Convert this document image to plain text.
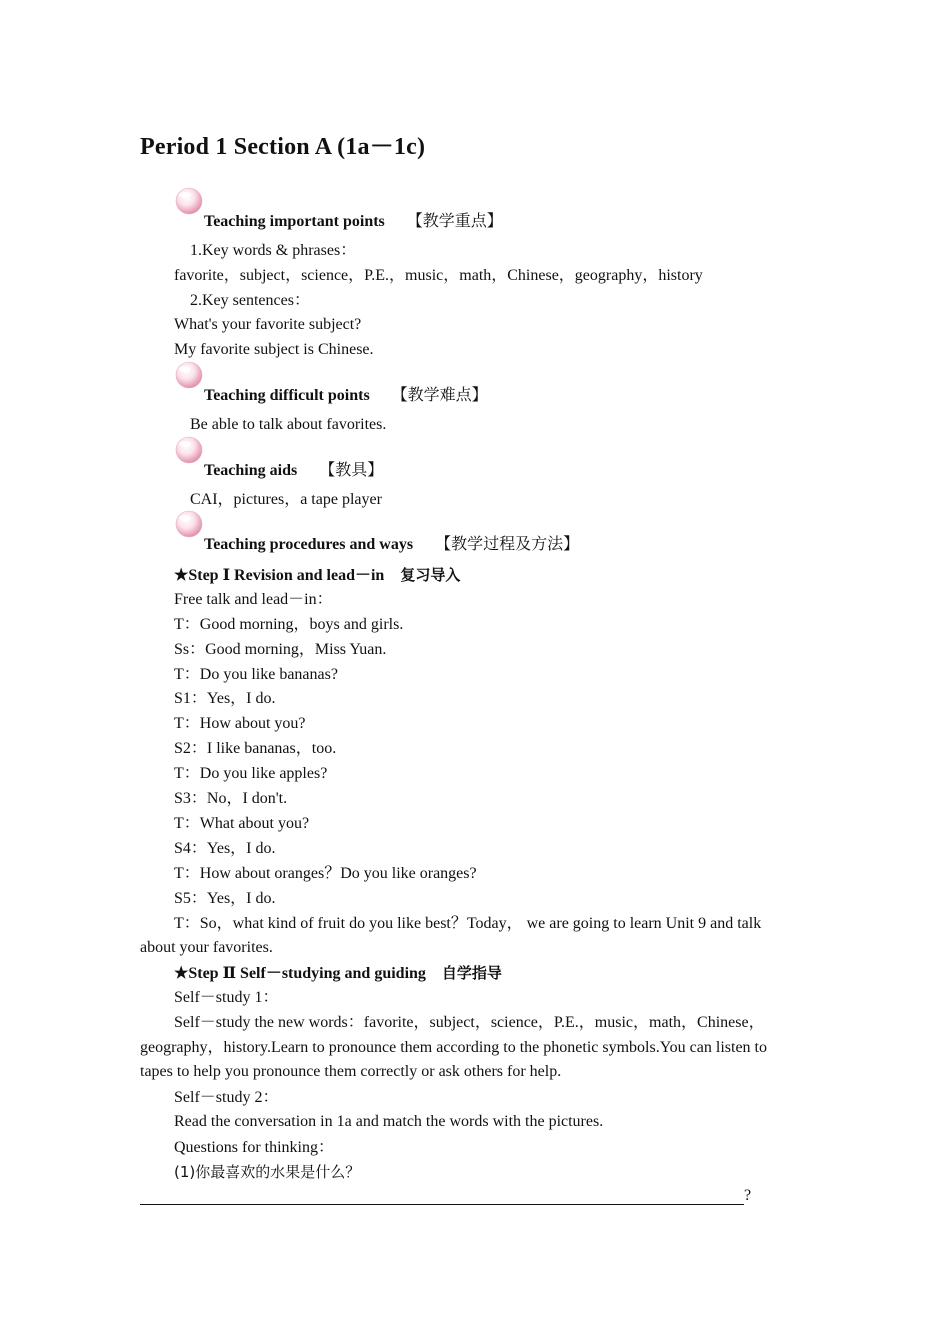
Period 1 Section A (1a－1c)
Teaching important points 【教学重点】
1.Key words & phrases：
favorite，subject，science，P.E.，music，math，Chinese，geography，history
2.Key sentences：
What's your favorite subject?
My favorite subject is Chinese.
Teaching difficult points 【教学难点】
Be able to talk about favorites.
Teaching aids 【教具】
CAI，pictures，a tape player
Teaching procedures and ways 【教学过程及方法】
★Step Ⅰ Revision and lead－in 复习导入
Free talk and lead－in：
T：Good morning，boys and girls.
Ss：Good morning，Miss Yuan.
T：Do you like bananas?
S1：Yes，I do.
T：How about you?
S2：I like bananas，too.
T：Do you like apples?
S3：No，I don't.
T：What about you?
S4：Yes，I do.
T：How about oranges？Do you like oranges?
S5：Yes，I do.
T：So，what kind of fruit do you like best？Today， we are going to learn Unit 9 and talk
about your favorites.
★Step Ⅱ Self－studying and guiding 自学指导
Self－study 1：
Self－study the new words：favorite，subject，science，P.E.，music，math，Chinese，
geography，history.Learn to pronounce them according to the phonetic symbols.You can listen to
tapes to help you pronounce them correctly or ask others for help.
Self－study 2：
Read the conversation in 1a and match the words with the pictures.
Questions for thinking：
(1)你最喜欢的水果是什么？
?
